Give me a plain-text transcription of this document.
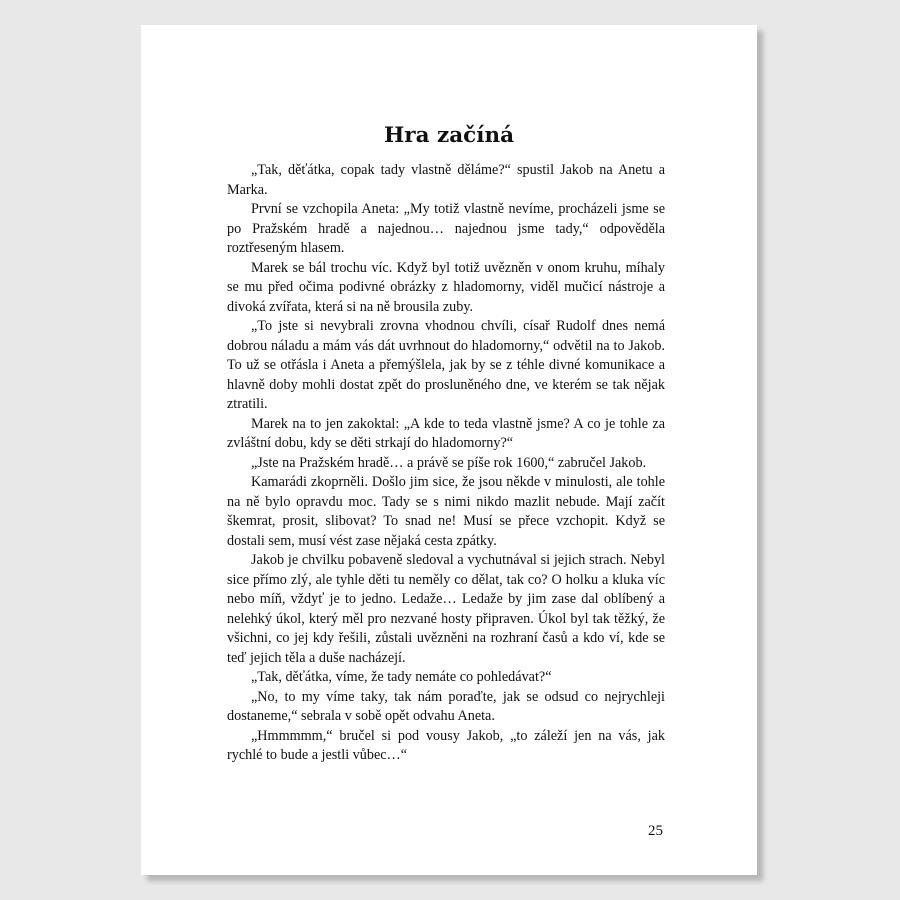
Hra začíná

„Tak, děťátka, copak tady vlastně děláme?“ spustil Jakob na Anetu a Marka.

První se vzchopila Aneta: „My totiž vlastně nevíme, procházeli jsme se po Pražském hradě a najednou… najednou jsme tady,“ odpověděla roztřeseným hlasem.

Marek se bál trochu víc. Když byl totiž uvězněn v onom kruhu, míhaly se mu před očima podivné obrázky z hladomorny, viděl mučicí nástroje a divoká zvířata, která si na ně brousila zuby.

„To jste si nevybrali zrovna vhodnou chvíli, císař Rudolf dnes nemá dobrou náladu a mám vás dát uvrhnout do hladomorny,“ odvětil na to Jakob. To už se otřásla i Aneta a přemýšlela, jak by se z téhle divné komunikace a hlavně doby mohli dostat zpět do prosluněného dne, ve kterém se tak nějak ztratili.

Marek na to jen zakoktal: „A kde to teda vlastně jsme? A co je tohle za zvláštní dobu, kdy se děti strkají do hladomorny?“

„Jste na Pražském hradě… a právě se píše rok 1600,“ zabručel Jakob.

Kamarádi zkoprněli. Došlo jim sice, že jsou někde v minulosti, ale tohle na ně bylo opravdu moc. Tady se s nimi nikdo mazlit nebude. Mají začít škemrat, prosit, slibovat? To snad ne! Musí se přece vzchopit. Když se dostali sem, musí vést zase nějaká cesta zpátky.

Jakob je chvilku pobaveně sledoval a vychutnával si jejich strach. Nebyl sice přímo zlý, ale tyhle děti tu neměly co dělat, tak co? O holku a kluka víc nebo míň, vždyť je to jedno. Ledaže… Ledaže by jim zase dal oblíbený a nelehký úkol, který měl pro nezvané hosty připraven. Úkol byl tak těžký, že všichni, co jej kdy řešili, zůstali uvězněni na rozhraní časů a kdo ví, kde se teď jejich těla a duše nacházejí.

„Tak, děťátka, víme, že tady nemáte co pohledávat?“

„No, to my víme taky, tak nám poraďte, jak se odsud co nejrychleji dostaneme,“ sebrala v sobě opět odvahu Aneta.

„Hmmmmm,“ bručel si pod vousy Jakob, „to záleží jen na vás, jak rychlé to bude a jestli vůbec…“

25
